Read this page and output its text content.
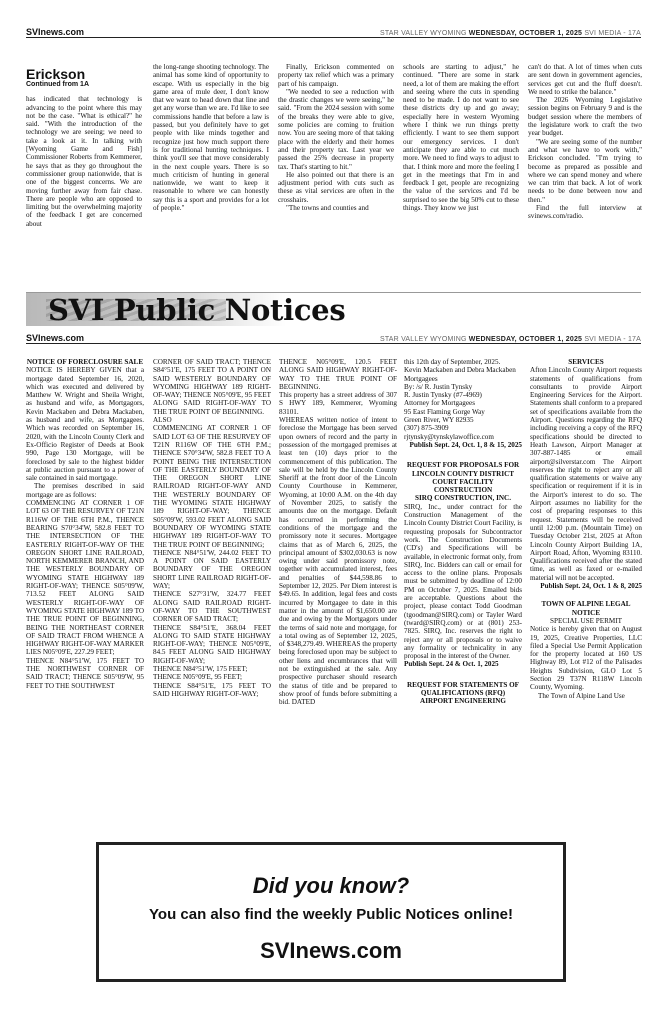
SVInews.com	STAR VALLEY WYOMING WEDNESDAY, OCTOBER 1, 2025 SVI MEDIA - 17A
Erickson
Continued from 1A

has indicated that technology is advancing to the point where this may not be the case. "What is ethical?" he said. "With the introduction of the technology we are seeing; we need to take a look at it. In talking with [Wyoming Game and Fish] Commissioner Roberts from Kemmerer, he says that as they go throughout the commissioner group nationwide, that is one of the biggest concerns. We are moving further away from fair chase. There are people who are opposed to limiting but the overwhelming majority of the feedback I get are concerned about

the long-range shooting technology. The animal has some kind of opportunity to escape. With us especially in the big game area of mule deer, I don't know that we want to head down that line and get any worse than we are. I'd like to see commissions handle that before a law is passed, but you definitely have to get people with like minds together and recognize just how much support there is for traditional hunting techniques. I think you'll see that move considerably in the next couple years. There is so much criticism of hunting in general nationwide, we want to keep it reasonable to where we can honestly say this is a sport and provides for a lot of people."

Finally, Erickson commented on property tax relief which was a primary part of his campaign.

"We needed to see a reduction with the drastic changes we were seeing," he said. "From the 2024 session with some of the breaks they were able to give, some policies are coming to fruition now. You are seeing more of that taking place with the elderly and their homes and their property tax. Last year we passed the 25% decrease in property tax. That's starting to hit."

He also pointed out that there is an adjustment period with cuts such as these as vital services are often in the crosshairs.

"The towns and counties and

schools are starting to adjust," he continued. "There are some in stark need, a lot of them are making the effort and seeing where the cuts in spending need to be made. I do not want to see these districts dry up and go away; especially here in western Wyoming where I think we run things pretty efficiently. I want to see them support our emergency services. I don't anticipate they are able to cut much more. We need to find ways to adjust to that. I think more and more the feeling I get in the meetings that I'm in and feedback I get, people are recognizing the value of the services and I'd be surprised to see the big 50% cut to these things. They know we just

can't do that. A lot of times when cuts are sent down in government agencies, services get cut and the fluff doesn't. We need to strike the balance."

The 2026 Wyoming Legislative session begins on February 9 and is the budget session where the members of the legislature work to craft the two year budget.

"We are seeing some of the number and what we have to work with," Erickson concluded. "I'm trying to become as prepared as possible and where we can spend money and where we can trim that back. A lot of work needs to be done between now and then."

Find the full interview at svinews.com/radio.

SVI Public Notices
SVInews.com	STAR VALLEY WYOMING WEDNESDAY, OCTOBER 1, 2025 SVI MEDIA - 17A
NOTICE OF FORECLOSURE SALE

NOTICE IS HEREBY GIVEN that a mortgage dated September 16, 2020, which was executed and delivered by Matthew W. Wright and Sheila Wright, as husband and wife, as Mortgagors, Kevin Mackaben and Debra Mackaben, as husband and wife, as Mortgagees. Which was recorded on September 16, 2020, with the Lincoln County Clerk and Ex-Officio Register of Deeds at Book 990, Page 130 Mortgage, will be foreclosed by sale to the highest bidder at public auction pursuant to a power of sale contained in said mortgage.

The premises described in said mortgage are as follows:

COMMENCING AT CORNER 1 OF LOT 63 OF THE RESURVEY OF T21N R116W OF THE 6TH P.M., THENCE BEARING S70°34'W, 582.8 FEET TO THE INTERSECTION OF THE EASTERLY RIGHT-OF-WAY OF THE OREGON SHORT LINE RAILROAD, NORTH KEMMERER BRANCH, AND THE WESTERLY BOUNDARY OF WYOMING STATE HIGHWAY 189 RIGHT-OF-WAY; THENCE S05°09'W, 713.52 FEET ALONG SAID WESTERLY RIGHT-OF-WAY OF WYOMING STATE HIGHWAY 189 TO THE TRUE POINT OF BEGINNING, BEING THE NORTHEAST CORNER OF SAID TRACT FROM WHENCE A HIGHWAY RIGHT-OF-WAY MARKER LIES N05°09'E, 227.29 FEET;

THENCE N84°51'W, 175 FEET TO THE NORTHWEST CORNER OF SAID TRACT; THENCE S05°09'W, 95 FEET TO THE SOUTHWEST

CORNER OF SAID TRACT; THENCE S84°51'E, 175 FEET TO A POINT ON SAID WESTERLY BOUNDARY OF WYOMING HIGHWAY 189 RIGHT-OF-WAY; THENCE N05°09'E, 95 FEET ALONG SAID RIGHT-OF-WAY TO THE TRUE POINT OF BEGINNING.

ALSO

COMMENCING AT CORNER 1 OF SAID LOT 63 OF THE RESURVEY OF T21N R116W OF THE 6TH P.M.; THENCE S70°34'W, 582.8 FEET TO A POINT BEING THE INTERSECTION OF THE EASTERLY BOUNDARY OF THE OREGON SHORT LINE RAILROAD RIGHT-OF-WAY AND THE WESTERLY BOUNDARY OF THE WYOMING STATE HIGHWAY 189 RIGHT-OF-WAY; THENCE S05°09'W, 593.02 FEET ALONG SAID BOUNDARY OF WYOMING STATE HIGHWAY 189 RIGHT-OF-WAY TO THE TRUE POINT OF BEGINNING;

THENCE N84°51'W, 244.02 FEET TO A POINT ON SAID EASTERLY BOUNDARY OF THE OREGON SHORT LINE RAILROAD RIGHT-OF-WAY;

THENCE S27°31'W, 324.77 FEET ALONG SAID RAILROAD RIGHT-OF-WAY TO THE SOUTHWEST CORNER OF SAID TRACT;

THENCE S84°51'E, 368.04 FEET ALONG TO SAID STATE HIGHWAY RIGHT-OF-WAY; THENCE N05°09'E, 84.5 FEET ALONG SAID HIGHWAY RIGHT-OF-WAY;

THENCE N84°51'W, 175 FEET;

THENCE N05°09'E, 95 FEET;

THENCE S84°51'E, 175 FEET TO SAID HIGHWAY RIGHT-OF-WAY;

THENCE N05°09'E, 120.5 FEET ALONG SAID HIGHWAY RIGHT-OF-WAY TO THE TRUE POINT OF BEGINNING.

This property has a street address of 307 S HWY 189, Kemmerer, Wyoming 83101.

WHEREAS written notice of intent to foreclose the Mortgage has been served upon owners of record and the party in possession of the mortgaged premises at least ten (10) days prior to the commencement of this publication. The sale will be held by the Lincoln County Sheriff at the front door of the Lincoln County Courthouse in Kemmerer, Wyoming, at 10:00 A.M. on the 4th day of November 2025, to satisfy the amounts due on the mortgage. Default has occurred in performing the conditions of the mortgage and the promissory note it secures. Mortgagee claims that as of March 6, 2025, the principal amount of $302,030.63 is now owing under said promissory note, together with accumulated interest, fees and penalties of $44,598.86 to September 12, 2025. Per Diem interest is $49.65. In addition, legal fees and costs incurred by Mortgagee to date in this matter in the amount of $1,650.00 are due and owing by the Mortgagors under the terms of said note and mortgage, for a total owing as of September 12, 2025, of $348,279.49. WHEREAS the property being foreclosed upon may be subject to other liens and encumbrances that will not be extinguished at the sale. Any prospective purchaser should research the status of title and be prepared to show proof of funds before submitting a bid. DATED

this 12th day of September, 2025.

Kevin Mackaben and Debra Mackaben

Mortgagees

By: /s/ R. Justin Tynsky

R. Justin Tynsky (#7-4969)

Attorney for Mortgagees

95 East Flaming Gorge Way

Green River, WY 82935

(307) 875-3909

rjtynsky@tynskylawoffice.com

Publish Sept. 24, Oct. 1, 8 & 15, 2025

REQUEST FOR PROPOSALS FOR LINCOLN COUNTY DISTRICT COURT FACILITY CONSTRUCTION
SIRQ CONSTRUCTION, INC.

SIRQ, Inc., under contract for the Construction Management of the Lincoln County District Court Facility, is requesting proposals for Subcontractor work. The Construction Documents (CD's) and Specifications will be available, in electronic format only, from SIRQ, Inc. Bidders can call or email for access to the online plans. Proposals must be submitted by deadline of 12:00 PM on October 7, 2025. Emailed bids are acceptable. Questions about the project, please contact Todd Goodman (tgoodman@SIRQ.com) or Tayler Ward (tward@SIRQ.com) or at (801) 253-7825. SIRQ, Inc. reserves the right to reject any or all proposals or to waive any formality or technicality in any proposal in the interest of the Owner.

Publish Sept. 24 & Oct. 1, 2025

REQUEST FOR STATEMENTS OF QUALIFICATIONS (RFQ) AIRPORT ENGINEERING
SERVICES

Afton Lincoln County Airport requests statements of qualifications from consultants to provide Airport Engineering Services for the Airport. Statements shall conform to a prepared set of specifications available from the Airport. Questions regarding the RFQ including receiving a copy of the RFQ specifications should be directed to Heath Lawson, Airport Manager at 307-887-1485 or email airport@silverstar.com The Airport reserves the right to reject any or all qualification statements or waive any specification or requirement if it is in the Airport's interest to do so. The Airport assumes no liability for the cost of preparing responses to this request. Statements will be received until 12:00 p.m. (Mountain Time) on Tuesday October 21st, 2025 at Afton Lincoln County Airport Building 1A, Airport Road, Afton, Wyoming 83110. Qualifications received after the stated time, as well as faxed or e-mailed material will not be accepted.

Publish Sept. 24, Oct. 1 & 8, 2025

TOWN OF ALPINE LEGAL NOTICE
SPECIAL USE PERMIT

Notice is hereby given that on August 19, 2025, Creative Properties, LLC filed a Special Use Permit Application for the property located at 160 US Highway 89, Lot #12 of the Palisades Heights Subdivision, GLO Lot 5 Section 29 T37N R118W Lincoln County, Wyoming.

The Town of Alpine Land Use

Did you know?
You can also find the weekly Public Notices online!
SVInews.com
